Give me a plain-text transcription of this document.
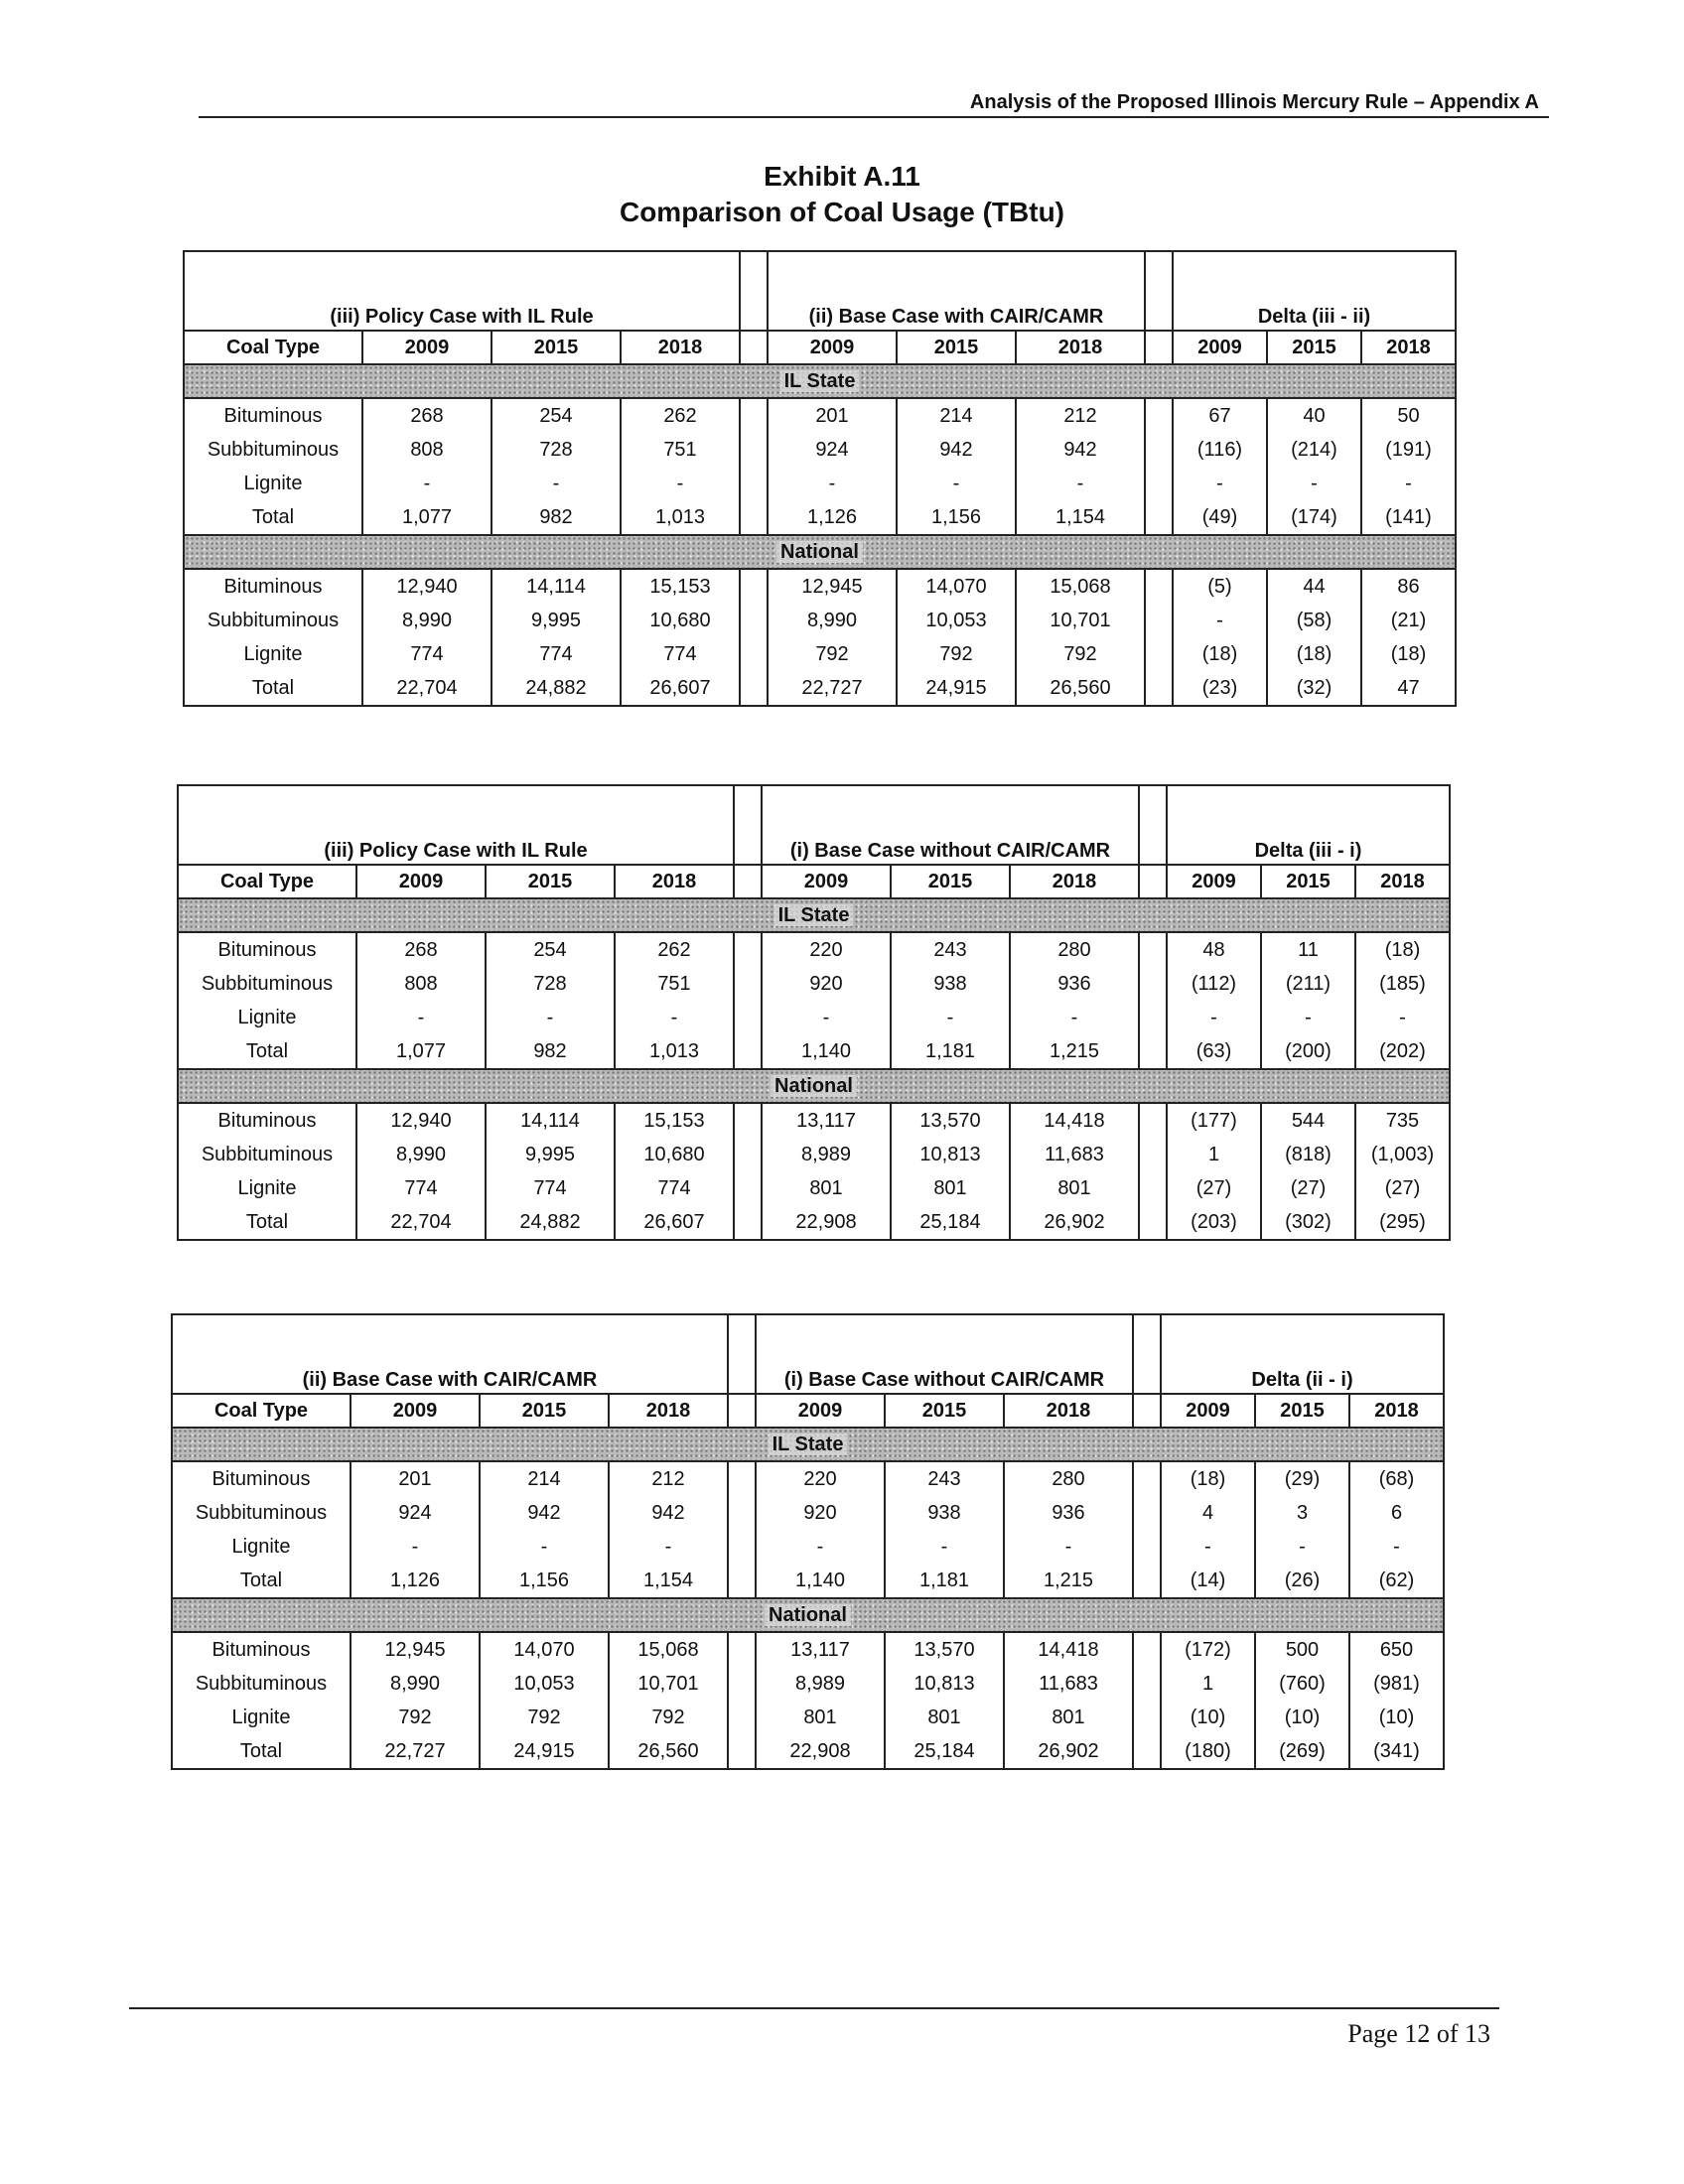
Analysis of the Proposed Illinois Mercury Rule – Appendix A
Exhibit A.11
Comparison of Coal Usage (TBtu)
(iii) Policy Case with IL Rule					(ii) Base Case with CAIR/CAMR				Delta (iii - ii)		
Coal Type	2009	2015	2018		2009	2015	2018		2009	2015	2018
IL State											
Bituminous	268	254	262		201	214	212		67	40	50
Subbituminous	808	728	751		924	942	942		(116)	(214)	(191)
Lignite	-	-	-		-	-	-		-	-	-
Total	1,077	982	1,013		1,126	1,156	1,154		(49)	(174)	(141)
National											
Bituminous	12,940	14,114	15,153		12,945	14,070	15,068		(5)	44	86
Subbituminous	8,990	9,995	10,680		8,990	10,053	10,701		-	(58)	(21)
Lignite	774	774	774		792	792	792		(18)	(18)	(18)
Total	22,704	24,882	26,607		22,727	24,915	26,560		(23)	(32)	47
(iii) Policy Case with IL Rule					(i) Base Case without CAIR/CAMR				Delta (iii - i)		
Coal Type	2009	2015	2018		2009	2015	2018		2009	2015	2018
IL State											
Bituminous	268	254	262		220	243	280		48	11	(18)
Subbituminous	808	728	751		920	938	936		(112)	(211)	(185)
Lignite	-	-	-		-	-	-		-	-	-
Total	1,077	982	1,013		1,140	1,181	1,215		(63)	(200)	(202)
National											
Bituminous	12,940	14,114	15,153		13,117	13,570	14,418		(177)	544	735
Subbituminous	8,990	9,995	10,680		8,989	10,813	11,683		1	(818)	(1,003)
Lignite	774	774	774		801	801	801		(27)	(27)	(27)
Total	22,704	24,882	26,607		22,908	25,184	26,902		(203)	(302)	(295)
(ii) Base Case with CAIR/CAMR					(i) Base Case without CAIR/CAMR				Delta (ii - i)		
Coal Type	2009	2015	2018		2009	2015	2018		2009	2015	2018
IL State											
Bituminous	201	214	212		220	243	280		(18)	(29)	(68)
Subbituminous	924	942	942		920	938	936		4	3	6
Lignite	-	-	-		-	-	-		-	-	-
Total	1,126	1,156	1,154		1,140	1,181	1,215		(14)	(26)	(62)
National											
Bituminous	12,945	14,070	15,068		13,117	13,570	14,418		(172)	500	650
Subbituminous	8,990	10,053	10,701		8,989	10,813	11,683		1	(760)	(981)
Lignite	792	792	792		801	801	801		(10)	(10)	(10)
Total	22,727	24,915	26,560		22,908	25,184	26,902		(180)	(269)	(341)
Page 12 of 13
